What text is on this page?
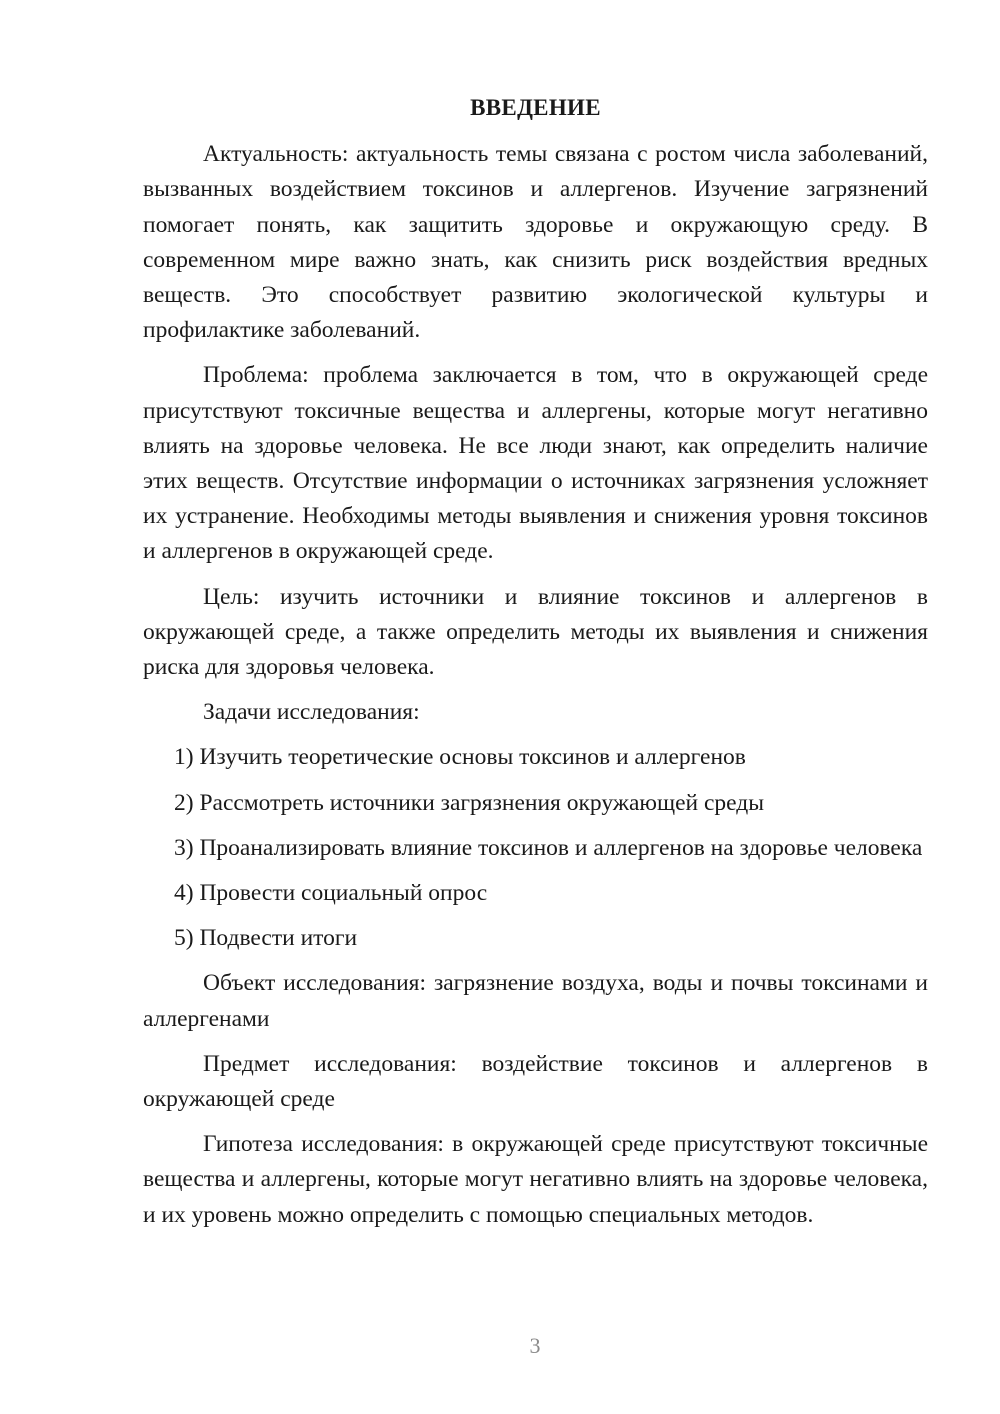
ВВЕДЕНИЕ

Актуальность: актуальность темы связана с ростом числа заболеваний, вызванных воздействием токсинов и аллергенов. Изучение загрязнений помогает понять, как защитить здоровье и окружающую среду. В современном мире важно знать, как снизить риск воздействия вредных веществ. Это способствует развитию экологической культуры и профилактике заболеваний.

Проблема: проблема заключается в том, что в окружающей среде присутствуют токсичные вещества и аллергены, которые могут негативно влиять на здоровье человека. Не все люди знают, как определить наличие этих веществ. Отсутствие информации о источниках загрязнения усложняет их устранение. Необходимы методы выявления и снижения уровня токсинов и аллергенов в окружающей среде.

Цель: изучить источники и влияние токсинов и аллергенов в окружающей среде, а также определить методы их выявления и снижения риска для здоровья человека.

Задачи исследования:

1) Изучить теоретические основы токсинов и аллергенов

2) Рассмотреть источники загрязнения окружающей среды

3) Проанализировать влияние токсинов и аллергенов на здоровье человека

4) Провести социальный опрос

5) Подвести итоги

Объект исследования: загрязнение воздуха, воды и почвы токсинами и аллергенами

Предмет исследования: воздействие токсинов и аллергенов в окружающей среде

Гипотеза исследования: в окружающей среде присутствуют токсичные вещества и аллергены, которые могут негативно влиять на здоровье человека, и их уровень можно определить с помощью специальных методов.

3
